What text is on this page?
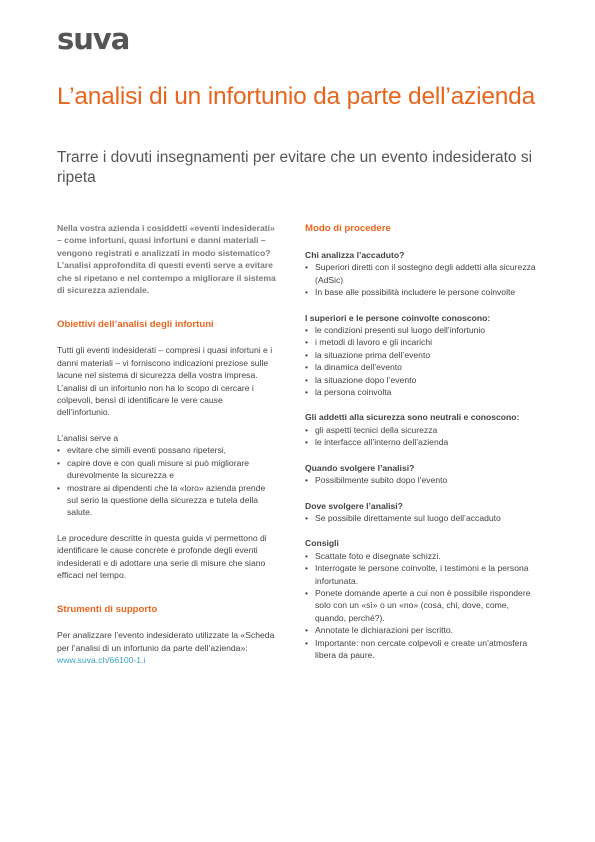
suva
L’analisi di un infortunio da parte dell’azienda
Trarre i dovuti insegnamenti per evitare che un evento indesiderato si ripeta

Nella vostra azienda i cosiddetti «eventi indesiderati» – come infortuni, quasi infortuni e danni materiali – vengono registrati e analizzati in modo sistematico? L’analisi approfondita di questi eventi serve a evitare che si ripetano e nel contempo a migliorare il sistema di sicurezza aziendale.

Obiettivi dell’analisi degli infortuni

Tutti gli eventi indesiderati – compresi i quasi infortuni e i danni materiali – vi forniscono indicazioni preziose sulle lacune nel sistema di sicurezza della vostra impresa. L’analisi di un infortunio non ha lo scopo di cercare i colpevoli, bensì di identificare le vere cause dell’infortunio.

L’analisi serve a

• evitare che simili eventi possano ripetersi,
• capire dove e con quali misure si può migliorare durevolmente la sicurezza e
• mostrare ai dipendenti che la «loro» azienda prende sul serio la questione della sicurezza e tutela della salute.

Le procedure descritte in questa guida vi permettono di identificare le cause concrete e profonde degli eventi indesiderati e di adottare una serie di misure che siano efficaci nel tempo.

Strumenti di supporto

Per analizzare l’evento indesiderato utilizzate la «Scheda per l’analisi di un infortunio da parte dell’azienda»:

www.suva.ch/66100-1.i
Modo di procedere

Chi analizza l’accaduto?

• Superiori diretti con il sostegno degli addetti alla sicurezza (AdSic)
• In base alle possibilità includere le persone coinvolte

I superiori e le persone coinvolte conoscono:

• le condizioni presenti sul luogo dell’infortunio
• i metodi di lavoro e gli incarichi
• la situazione prima dell’evento
• la dinamica dell’evento
• la situazione dopo l’evento
• la persona coinvolta

Gli addetti alla sicurezza sono neutrali e conoscono:

• gli aspetti tecnici della sicurezza
• le interfacce all’interno dell’azienda

Quando svolgere l’analisi?

• Possibilmente subito dopo l’evento

Dove svolgere l’analisi?

• Se possibile direttamente sul luogo dell’accaduto

Consigli

• Scattate foto e disegnate schizzi.
• Interrogate le persone coinvolte, i testimoni e la persona infortunata.
• Ponete domande aperte a cui non è possibile rispondere solo con un «sì» o un «no» (cosa, chi, dove, come, quando, perché?).
• Annotate le dichiarazioni per iscritto.
• Importante: non cercate colpevoli e create un’atmosfera libera da paure.
